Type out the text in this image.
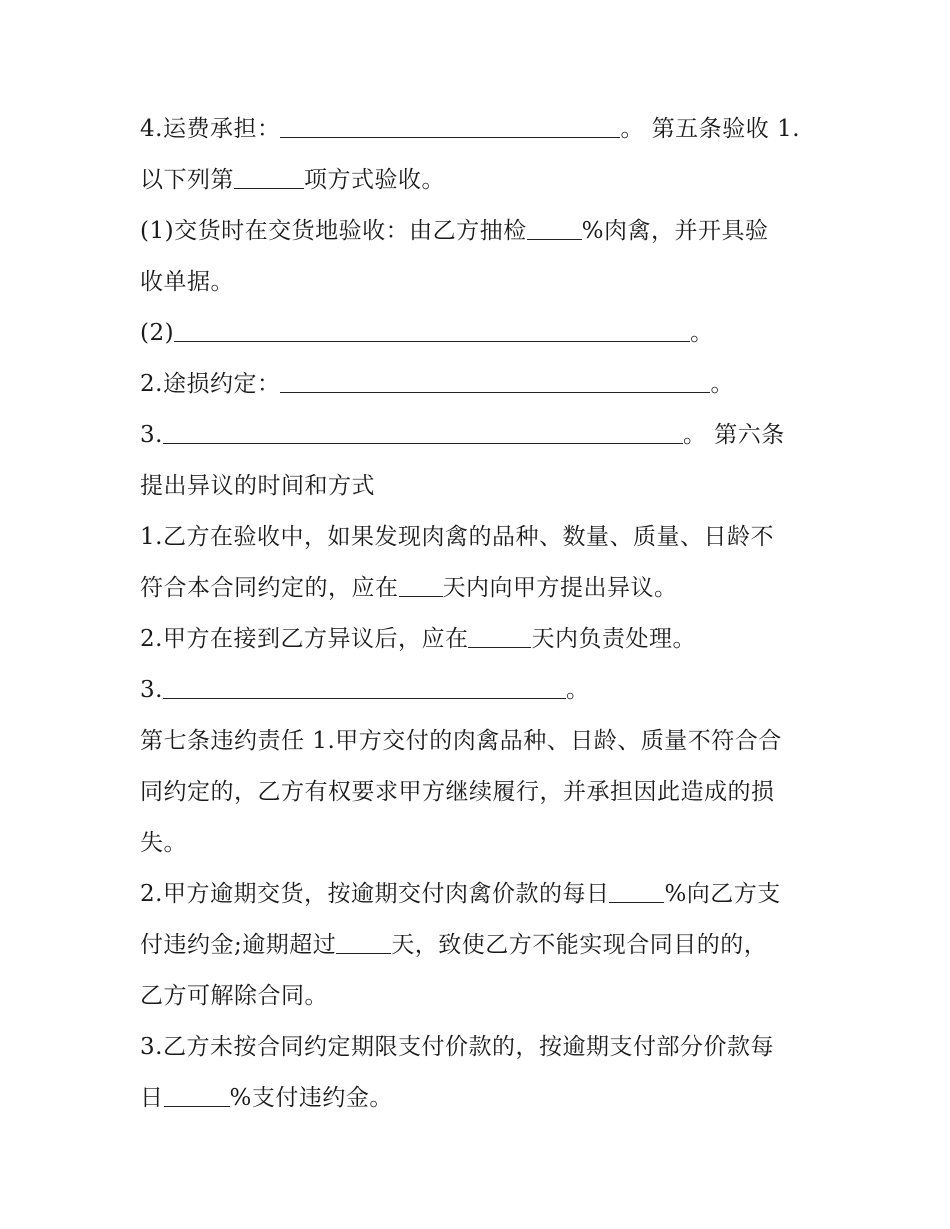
4.运费承担：	。 第五条验收 1.
以下列第	项方式验收。
(1)交货时在交货地验收：由乙方抽检 %肉禽，并开具验
收单据。
(2)	。
2.途损约定：	。
3.	。 第六条
提出异议的时间和方式
1.乙方在验收中，如果发现肉禽的品种、数量、质量、日龄不
符合本合同约定的，应在 天内向甲方提出异议。
2.甲方在接到乙方异议后，应在	天内负责处理。
3.	。
第七条违约责任 1.甲方交付的肉禽品种、日龄、质量不符合合
同约定的，乙方有权要求甲方继续履行，并承担因此造成的损
失。
2.甲方逾期交货，按逾期交付肉禽价款的每日 %向乙方支
付违约金;逾期超过 天，致使乙方不能实现合同目的的，
乙方可解除合同。
3.乙方未按合同约定期限支付价款的，按逾期支付部分价款每
日	%支付违约金。
